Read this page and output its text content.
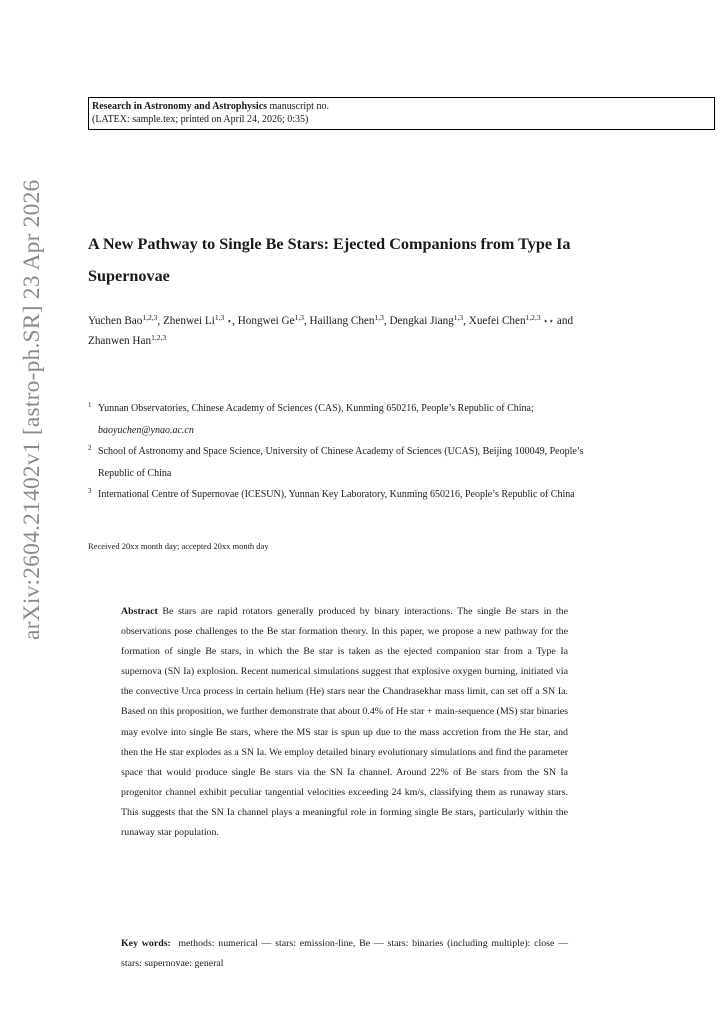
Research in Astronomy and Astrophysics manuscript no.
(LATEX: sample.tex; printed on April 24, 2026; 0:35)
arXiv:2604.21402v1 [astro-ph.SR] 23 Apr 2026	A New Pathway to Single Be Stars: Ejected Companions from Type Ia Supernovae
Yuchen Bao$^{1,2,3}$, Zhenwei Li$^{1,3}$ ⋆, Hongwei Ge$^{1,3}$, Hailiang Chen$^{1,3}$, Dengkai Jiang$^{1,3}$, Xuefei Chen$^{1,2,3}$ ⋆⋆ and Zhanwen Han$^{1,2,3}$
1 Yunnan Observatories, Chinese Academy of Sciences (CAS), Kunming 650216, People’s Republic of China; baoyuchen@ynao.ac.cn
2 School of Astronomy and Space Science, University of Chinese Academy of Sciences (UCAS), Beijing 100049, People’s Republic of China
3 International Centre of Supernovae (ICESUN), Yunnan Key Laboratory, Kunming 650216, People’s Republic of China
Received 20xx month day; accepted 20xx month day
Abstract Be stars are rapid rotators generally produced by binary interactions. The single Be stars in the observations pose challenges to the Be star formation theory. In this paper, we propose a new pathway for the formation of single Be stars, in which the Be star is taken as the ejected companion star from a Type Ia supernova (SN Ia) explosion. Recent numerical simulations suggest that explosive oxygen burning, initiated via the convective Urca process in certain helium (He) stars near the Chandrasekhar mass limit, can set off a SN Ia. Based on this proposition, we further demonstrate that about 0.4% of He star + main-sequence (MS) star binaries may evolve into single Be stars, where the MS star is spun up due to the mass accretion from the He star, and then the He star explodes as a SN Ia. We employ detailed binary evolutionary simulations and find the parameter space that would produce single Be stars via the SN Ia channel. Around 22% of Be stars from the SN Ia progenitor channel exhibit peculiar tangential velocities exceeding 24 km/s, classifying them as runaway stars. This suggests that the SN Ia channel plays a meaningful role in forming single Be stars, particularly within the runaway star population.
Key words: methods: numerical — stars: emission-line, Be — stars: binaries (including multiple): close — stars: supernovae: general
